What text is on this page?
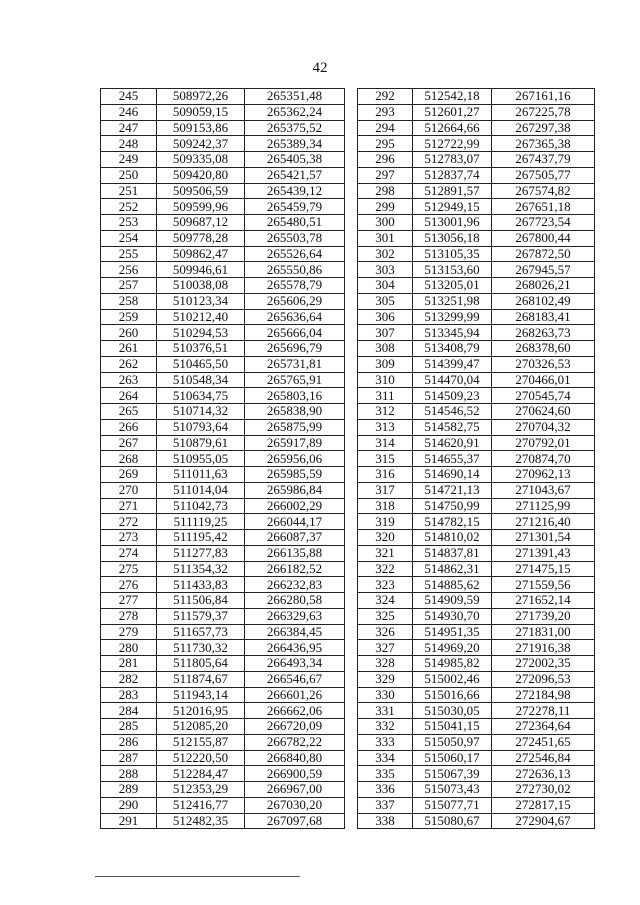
42
245	508972,26	265351,48
246	509059,15	265362,24
247	509153,86	265375,52
248	509242,37	265389,34
249	509335,08	265405,38
250	509420,80	265421,57
251	509506,59	265439,12
252	509599,96	265459,79
253	509687,12	265480,51
254	509778,28	265503,78
255	509862,47	265526,64
256	509946,61	265550,86
257	510038,08	265578,79
258	510123,34	265606,29
259	510212,40	265636,64
260	510294,53	265666,04
261	510376,51	265696,79
262	510465,50	265731,81
263	510548,34	265765,91
264	510634,75	265803,16
265	510714,32	265838,90
266	510793,64	265875,99
267	510879,61	265917,89
268	510955,05	265956,06
269	511011,63	265985,59
270	511014,04	265986,84
271	511042,73	266002,29
272	511119,25	266044,17
273	511195,42	266087,37
274	511277,83	266135,88
275	511354,32	266182,52
276	511433,83	266232,83
277	511506,84	266280,58
278	511579,37	266329,63
279	511657,73	266384,45
280	511730,32	266436,95
281	511805,64	266493,34
282	511874,67	266546,67
283	511943,14	266601,26
284	512016,95	266662,06
285	512085,20	266720,09
286	512155,87	266782,22
287	512220,50	266840,80
288	512284,47	266900,59
289	512353,29	266967,00
290	512416,77	267030,20
291	512482,35	267097,68
292	512542,18	267161,16
293	512601,27	267225,78
294	512664,66	267297,38
295	512722,99	267365,38
296	512783,07	267437,79
297	512837,74	267505,77
298	512891,57	267574,82
299	512949,15	267651,18
300	513001,96	267723,54
301	513056,18	267800,44
302	513105,35	267872,50
303	513153,60	267945,57
304	513205,01	268026,21
305	513251,98	268102,49
306	513299,99	268183,41
307	513345,94	268263,73
308	513408,79	268378,60
309	514399,47	270326,53
310	514470,04	270466,01
311	514509,23	270545,74
312	514546,52	270624,60
313	514582,75	270704,32
314	514620,91	270792,01
315	514655,37	270874,70
316	514690,14	270962,13
317	514721,13	271043,67
318	514750,99	271125,99
319	514782,15	271216,40
320	514810,02	271301,54
321	514837,81	271391,43
322	514862,31	271475,15
323	514885,62	271559,56
324	514909,59	271652,14
325	514930,70	271739,20
326	514951,35	271831,00
327	514969,20	271916,38
328	514985,82	272002,35
329	515002,46	272096,53
330	515016,66	272184,98
331	515030,05	272278,11
332	515041,15	272364,64
333	515050,97	272451,65
334	515060,17	272546,84
335	515067,39	272636,13
336	515073,43	272730,02
337	515077,71	272817,15
338	515080,67	272904,67
